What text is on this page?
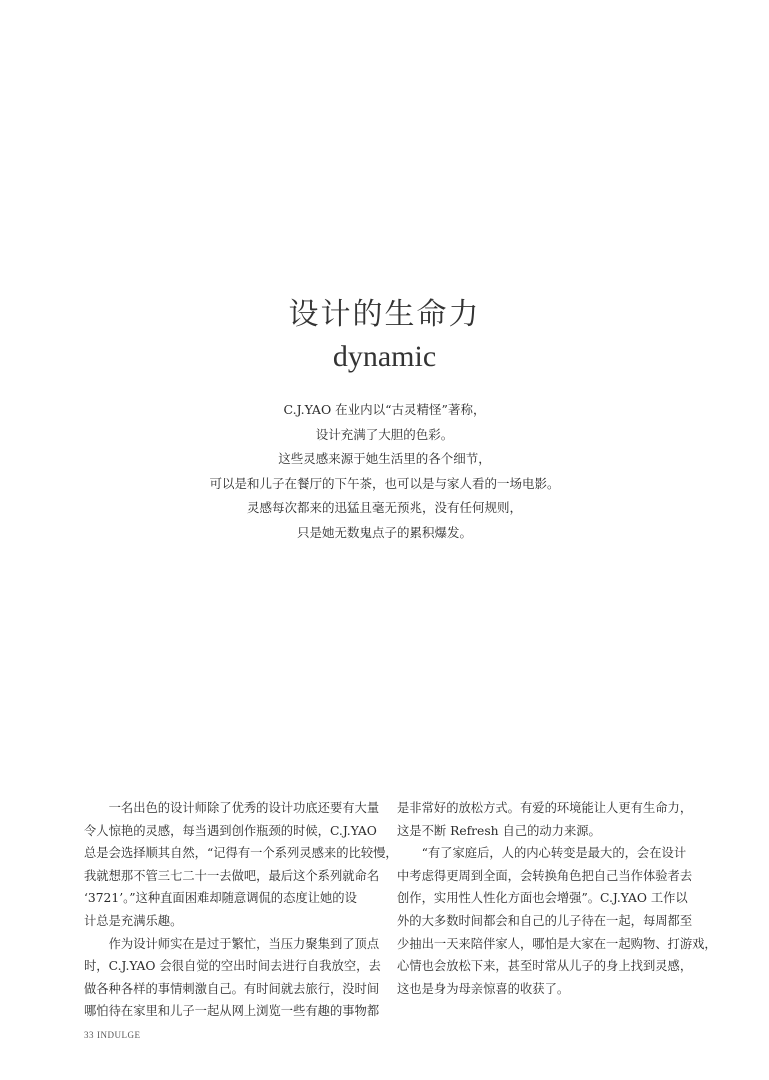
设计的生命力
dynamic
C.J.YAO 在业内以“古灵精怪”著称，
设计充满了大胆的色彩。
这些灵感来源于她生活里的各个细节，
可以是和儿子在餐厅的下午茶，也可以是与家人看的一场电影。
灵感每次都来的迅猛且毫无预兆，没有任何规则，
只是她无数鬼点子的累积爆发。
　　一名出色的设计师除了优秀的设计功底还要有大量
令人惊艳的灵感，每当遇到创作瓶颈的时候，C.J.YAO
总是会选择顺其自然，“记得有一个系列灵感来的比较慢，
我就想那不管三七二十一去做吧，最后这个系列就命名
‘3721’。”这种直面困难却随意调侃的态度让她的设
计总是充满乐趣。
　　作为设计师实在是过于繁忙，当压力聚集到了顶点
时，C.J.YAO 会很自觉的空出时间去进行自我放空，去
做各种各样的事情刺激自己。有时间就去旅行，没时间
哪怕待在家里和儿子一起从网上浏览一些有趣的事物都
是非常好的放松方式。有爱的环境能让人更有生命力，
这是不断 Refresh 自己的动力来源。
　　“有了家庭后，人的内心转变是最大的，会在设计
中考虑得更周到全面，会转换角色把自己当作体验者去
创作，实用性人性化方面也会增强”。C.J.YAO 工作以
外的大多数时间都会和自己的儿子待在一起，每周都至
少抽出一天来陪伴家人，哪怕是大家在一起购物、打游戏，
心情也会放松下来，甚至时常从儿子的身上找到灵感，
这也是身为母亲惊喜的收获了。
33 INDULGE
